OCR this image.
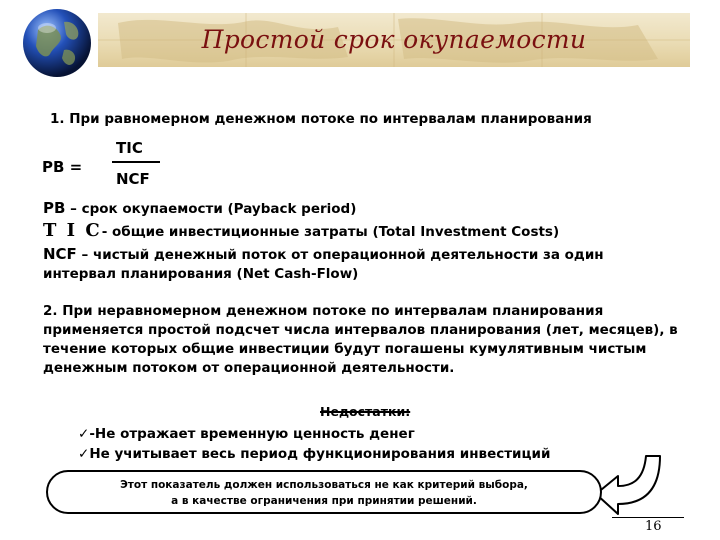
Простой срок окупаемости
1. При равномерном денежном потоке по интервалам планирования
PB =
TIC
NCF
PB – срок окупаемости (Payback period)
T I C- общие инвестиционные затраты (Total Investment Costs)
NCF – чистый денежный поток от операционной деятельности за один интервал планирования (Net Cash-Flow)
2. При неравномерном денежном потоке по интервалам планирования применяется простой подсчет числа интервалов планирования (лет, месяцев), в течение которых общие инвестиции будут погашены кумулятивным чистым денежным потоком от операционной деятельности.
Недостатки:
✓-Не отражает временную ценность денег
✓Не учитывает весь период функционирования инвестиций
Этот показатель должен использоваться не как критерий выбора,
а в качестве ограничения при принятии решений.
16
